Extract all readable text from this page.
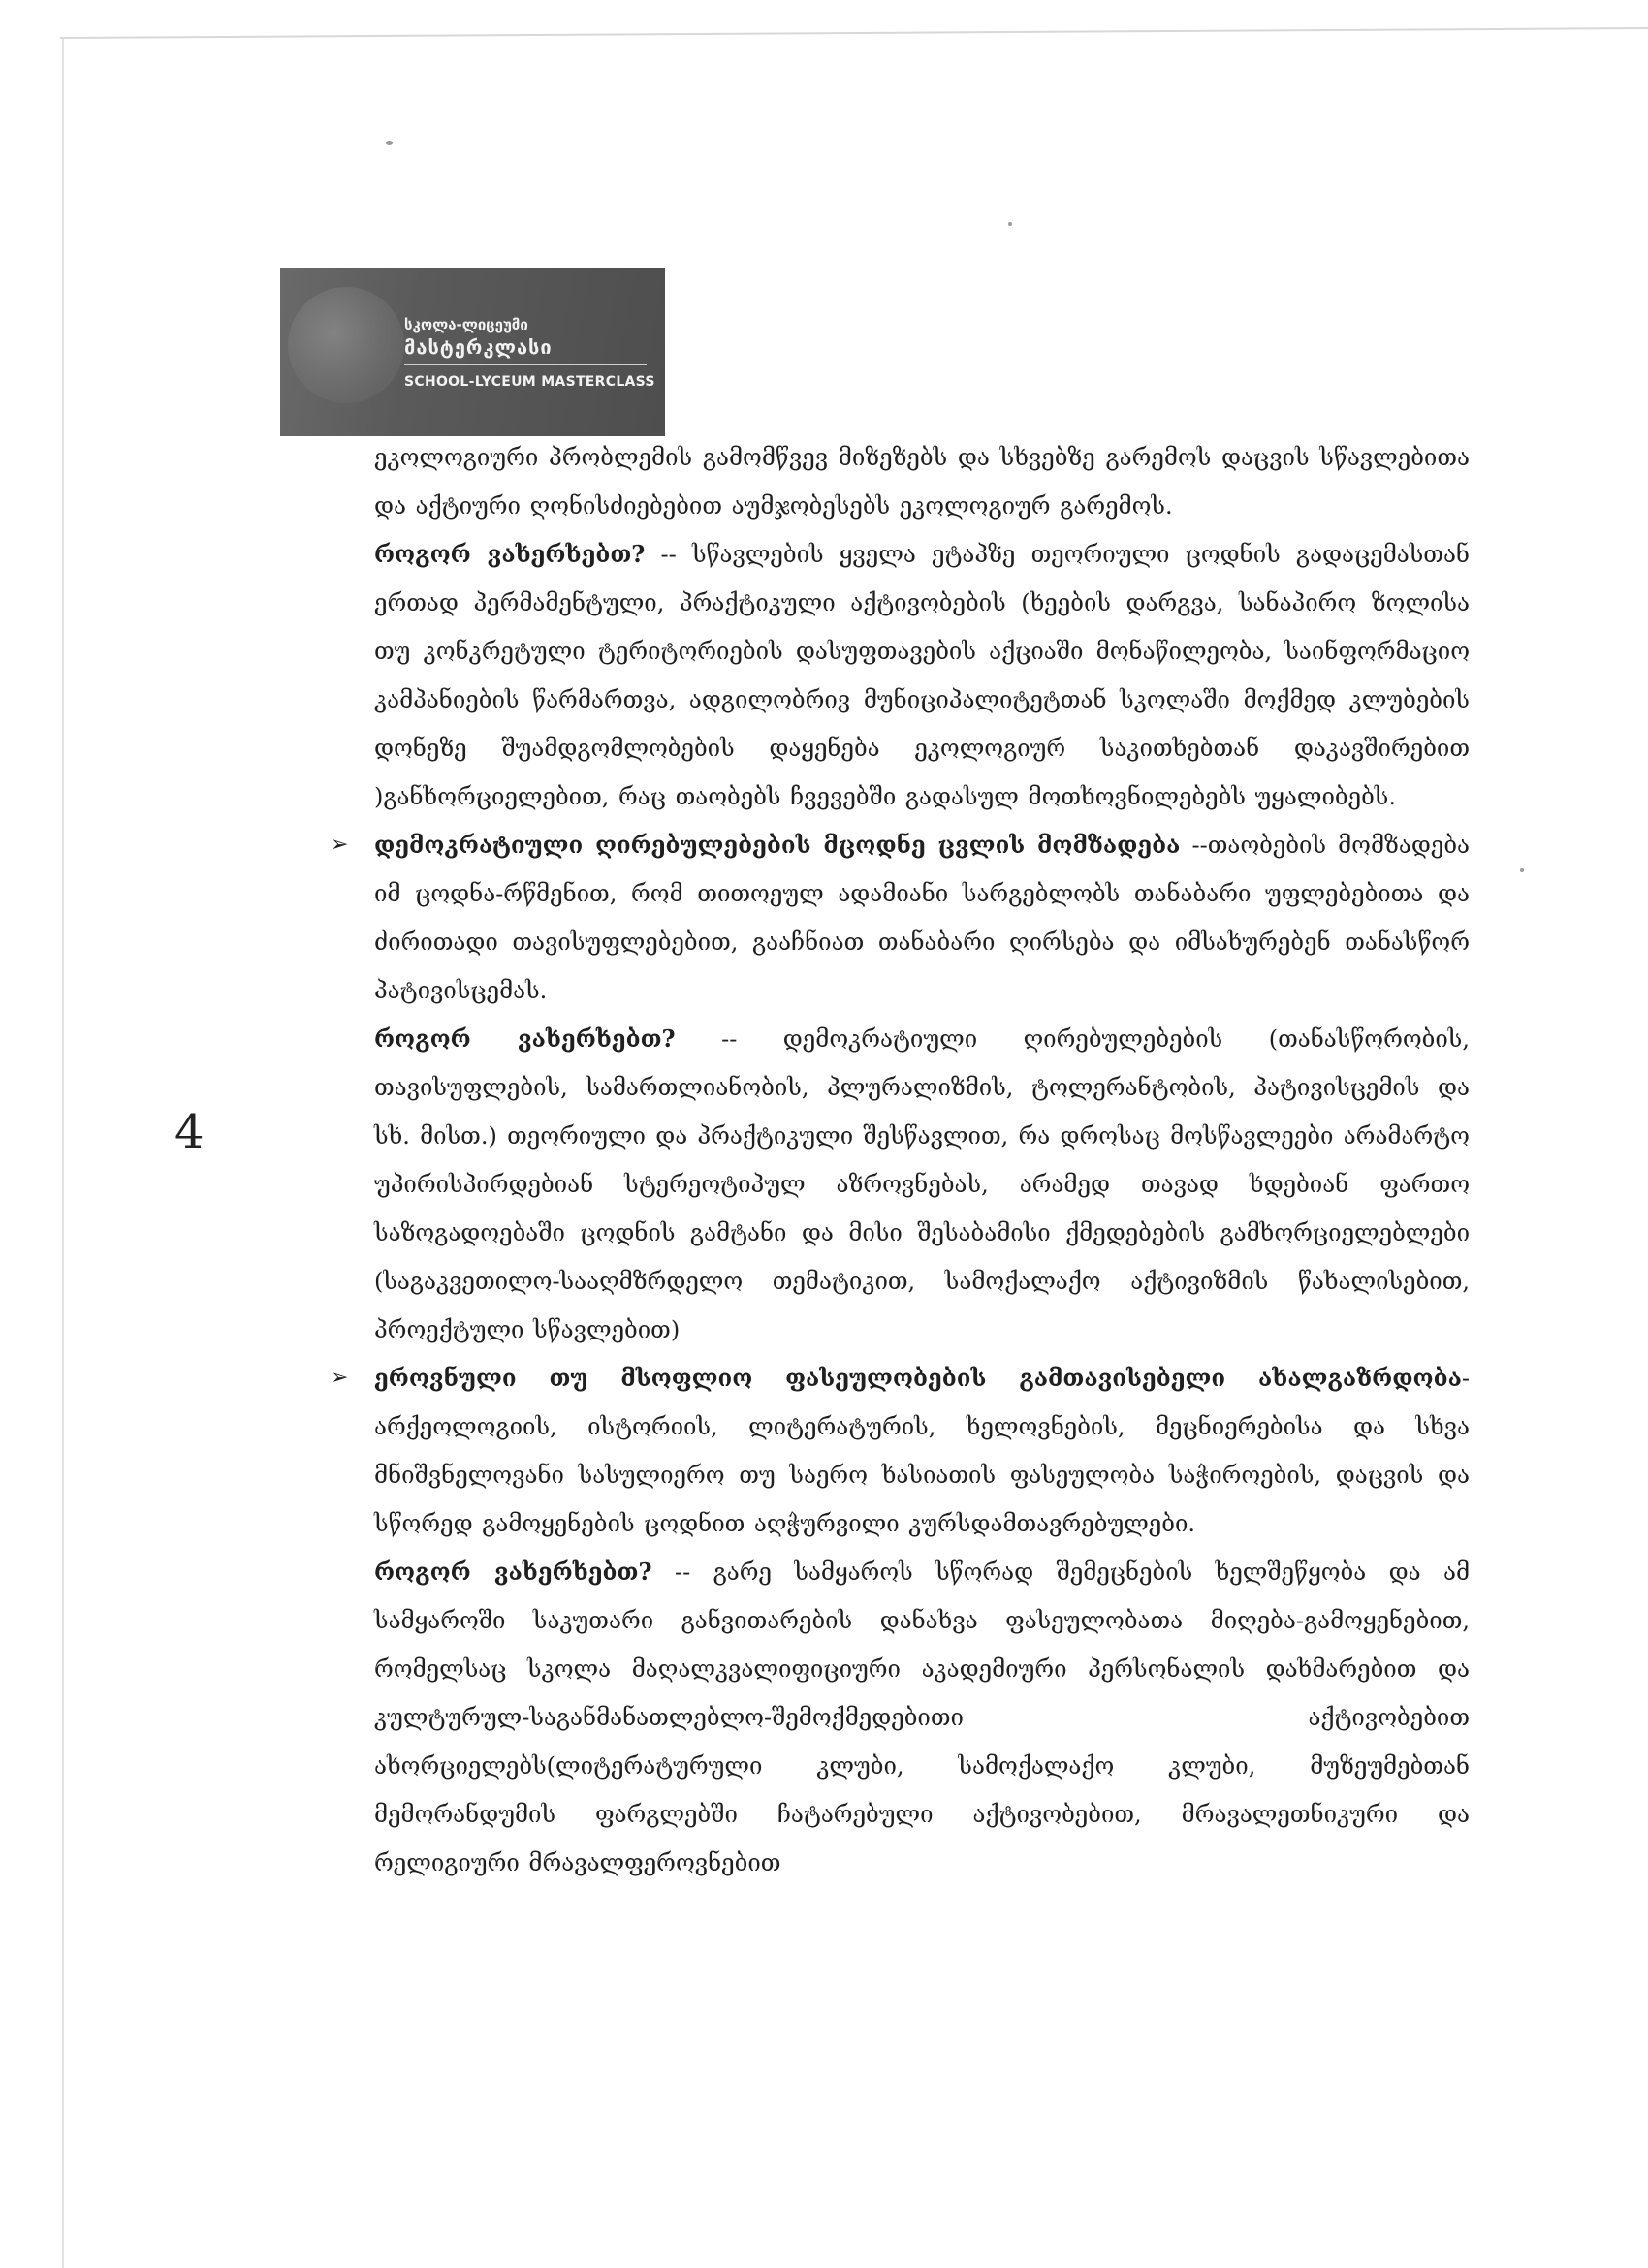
სკოლა-ლიცეუმი
მასტერკლასი
SCHOOL-LYCEUM MASTERCLASS
4

ეკოლოგიური პრობლემის გამომწვევ მიზეზებს და სხვებზე გარემოს დაცვის სწავლებითა და აქტიური ღონისძიებებით აუმჯობესებს ეკოლოგიურ გარემოს.

როგორ ვახერხებთ? -- სწავლების ყველა ეტაპზე თეორიული ცოდნის გადაცემასთან ერთად პერმამენტული, პრაქტიკული აქტივობების (ხეების დარგვა, სანაპირო ზოლისა თუ კონკრეტული ტერიტორიების დასუფთავების აქციაში მონაწილეობა, საინფორმაციო კამპანიების წარმართვა, ადგილობრივ მუნიციპალიტეტთან სკოლაში მოქმედ კლუბების დონეზე შუამდგომლობების დაყენება ეკოლოგიურ საკითხებთან დაკავშირებით )განხორციელებით, რაც თაობებს ჩვევებში გადასულ მოთხოვნილებებს უყალიბებს.

➢ დემოკრატიული ღირებულებების მცოდნე ცვლის მომზადება --თაობების მომზადება იმ ცოდნა-რწმენით, რომ თითოეულ ადამიანი სარგებლობს თანაბარი უფლებებითა და ძირითადი თავისუფლებებით, გააჩნიათ თანაბარი ღირსება და იმსახურებენ თანასწორ პატივისცემას.

როგორ ვახერხებთ? -- დემოკრატიული ღირებულებების (თანასწორობის, თავისუფლების, სამართლიანობის, პლურალიზმის, ტოლერანტობის, პატივისცემის და სხ. მისთ.) თეორიული და პრაქტიკული შესწავლით, რა დროსაც მოსწავლეები არამარტო უპირისპირდებიან სტერეოტიპულ აზროვნებას, არამედ თავად ხდებიან ფართო საზოგადოებაში ცოდნის გამტანი და მისი შესაბამისი ქმედებების გამხორციელებლები (საგაკვეთილო-სააღმზრდელო თემატიკით, სამოქალაქო აქტივიზმის წახალისებით, პროექტული სწავლებით)

➢ ეროვნული თუ მსოფლიო ფასეულობების გამთავისებელი ახალგაზრდობა-არქეოლოგიის, ისტორიის, ლიტერატურის, ხელოვნების, მეცნიერებისა და სხვა მნიშვნელოვანი სასულიერო თუ საერო ხასიათის ფასეულობა საჭიროების, დაცვის და სწორედ გამოყენების ცოდნით აღჭურვილი კურსდამთავრებულები.

როგორ ვახერხებთ? -- გარე სამყაროს სწორად შემეცნების ხელშეწყობა და ამ სამყაროში საკუთარი განვითარების დანახვა ფასეულობათა მიღება-გამოყენებით, რომელსაც სკოლა მაღალკვალიფიციური აკადემიური პერსონალის დახმარებით და კულტურულ-საგანმანათლებლო-შემოქმედებითი აქტივობებით ახორციელებს(ლიტერატურული კლუბი, სამოქალაქო კლუბი, მუზეუმებთან მემორანდუმის ფარგლებში ჩატარებული აქტივობებით, მრავალეთნიკური და რელიგიური მრავალფეროვნებით
